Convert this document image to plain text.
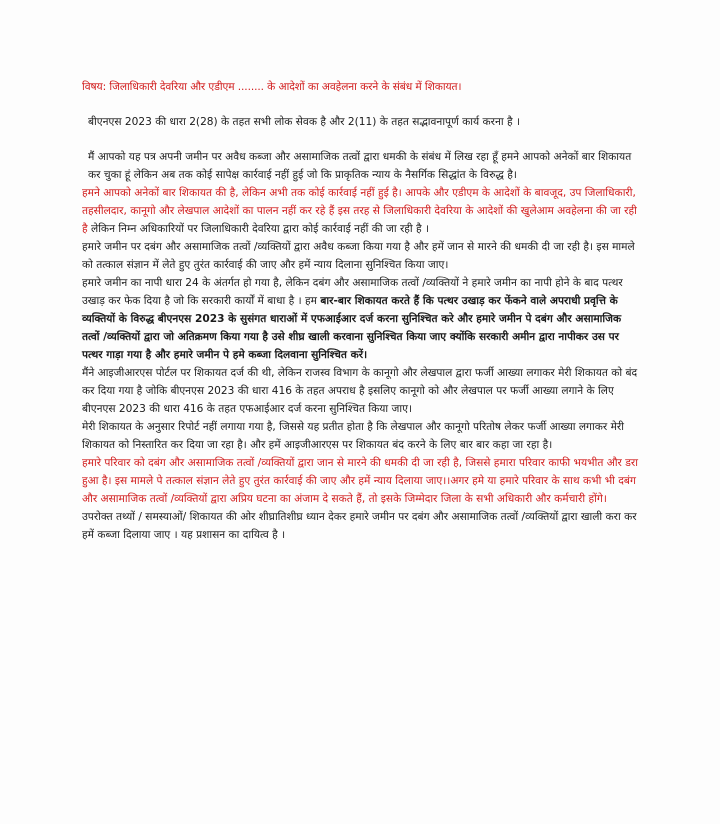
विषय: जिलाधिकारी देवरिया और एडीएम ........ के आदेशों का अवहेलना करने के संबंध में शिकायत।

बीएनएस 2023 की धारा 2(28) के तहत सभी लोक सेवक है और 2(11) के तहत सद्भावनापूर्ण कार्य करना है ।

मैं आपको यह पत्र अपनी जमीन पर अवैध कब्जा और असामाजिक तत्वों द्वारा धमकी के संबंध में लिख रहा हूँ हमने आपको अनेकों बार शिकायत कर चुका हूं लेकिन अब तक कोई सापेक्ष कार्रवाई नहीं हुई जो कि प्राकृतिक न्याय के नैसर्गिक सिद्धांत के विरुद्ध है।

हमने आपको अनेकों बार शिकायत की है, लेकिन अभी तक कोई कार्रवाई नहीं हुई है। आपके और एडीएम के आदेशों के बावजूद, उप जिलाधिकारी, तहसीलदार, कानूगो और लेखपाल आदेशों का पालन नहीं कर रहे हैं इस तरह से जिलाधिकारी देवरिया के आदेशों की खुलेआम अवहेलना की जा रही है लेकिन निम्न अधिकारियों पर जिलाधिकारी देवरिया द्वारा कोई कार्रवाई नहीं की जा रही है ।

हमारे जमीन पर दबंग और असामाजिक तत्वों /व्यक्तियों द्वारा अवैध कब्जा किया गया है और हमें जान से मारने की धमकी दी जा रही है। इस मामले को तत्काल संज्ञान में लेते हुए तुरंत कार्रवाई की जाए और हमें न्याय दिलाना सुनिश्चित किया जाए।

हमारे जमीन का नापी धारा 24 के अंतर्गत हो गया है, लेकिन दबंग और असामाजिक तत्वों /व्यक्तियों ने हमारे जमीन का नापी होने के बाद पत्थर उखाड़ कर फेक दिया है जो कि सरकारी कार्यों में बाधा है । हम बार-बार शिकायत करते हैं कि पत्थर उखाड़ कर फेंकने वाले अपराधी प्रवृत्ति के व्यक्तियों के विरुद्ध बीएनएस 2023 के सुसंगत धाराओं में एफआईआर दर्ज करना सुनिश्चित करे और हमारे जमीन पे दबंग और असामाजिक तत्वों /व्यक्तियों द्वारा जो अतिक्रमण किया गया है उसे शीघ्र खाली करवाना सुनिश्चित किया जाए क्योंकि सरकारी अमीन द्वारा नापीकर उस पर पत्थर गाड़ा गया है और हमारे जमीन पे हमे कब्जा दिलवाना सुनिश्चित करें।

मैंने आइजीआरएस पोर्टल पर शिकायत दर्ज की थी, लेकिन राजस्व विभाग के कानूगो और लेखपाल द्वारा फर्जी आख्या लगाकर मेरी शिकायत को बंद कर दिया गया है जोकि बीएनएस 2023 की धारा 416 के तहत अपराध है इसलिए कानूगो को और लेखपाल पर फर्जी आख्या लगाने के लिए बीएनएस 2023 की धारा 416 के तहत एफआईआर दर्ज करना सुनिश्चित किया जाए।

मेरी शिकायत के अनुसार रिपोर्ट नहीं लगाया गया है, जिससे यह प्रतीत होता है कि लेखपाल और कानूगो परितोष लेकर फर्जी आख्या लगाकर मेरी शिकायत को निस्तारित कर दिया जा रहा है। और हमें आइजीआरएस पर शिकायत बंद करने के लिए बार बार कहा जा रहा है।

हमारे परिवार को दबंग और असामाजिक तत्वों /व्यक्तियों द्वारा जान से मारने की धमकी दी जा रही है, जिससे हमारा परिवार काफी भयभीत और डरा हुआ है। इस मामले पे तत्काल संज्ञान लेते हुए तुरंत कार्रवाई की जाए और हमें न्याय दिलाया जाए।।अगर हमे या हमारे परिवार के साथ कभी भी दबंग और असामाजिक तत्वों /व्यक्तियों द्वारा अप्रिय घटना का अंजाम दे सकते हैं, तो इसके जिम्मेदार जिला के सभी अधिकारी और कर्मचारी होंगे।

उपरोक्त तथ्यों / समस्याओं/ शिकायत की ओर शीघ्रातिशीघ्र ध्यान देकर हमारे जमीन पर दबंग और असामाजिक तत्वों /व्यक्तियों द्वारा खाली करा कर हमें कब्जा दिलाया जाए । यह प्रशासन का दायित्व है ।
